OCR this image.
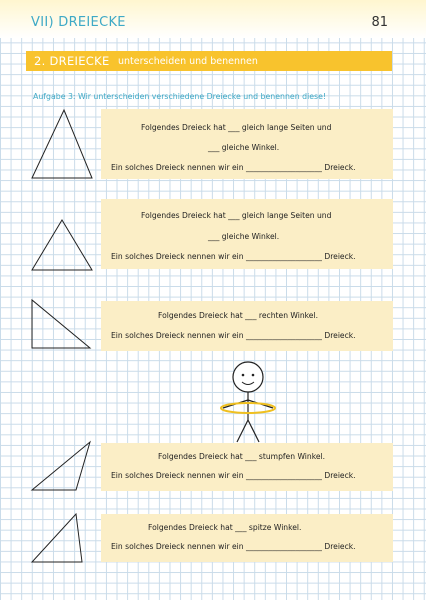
VII) DREIECKE	81
2. DREIECKE unterscheiden und benennen
Aufgabe 3: Wir unterscheiden verschiedene Dreiecke und benennen diese!
Folgendes Dreieck hat ___ gleich lange Seiten und
___ gleiche Winkel.
Ein solches Dreieck nennen wir ein ____________________ Dreieck.
Folgendes Dreieck hat ___ gleich lange Seiten und
___ gleiche Winkel.
Ein solches Dreieck nennen wir ein ____________________ Dreieck.
Folgendes Dreieck hat ___ rechten Winkel.
Ein solches Dreieck nennen wir ein ____________________ Dreieck.
Folgendes Dreieck hat ___ stumpfen Winkel.
Ein solches Dreieck nennen wir ein ____________________ Dreieck.
Folgendes Dreieck hat ___ spitze Winkel.
Ein solches Dreieck nennen wir ein ____________________ Dreieck.
